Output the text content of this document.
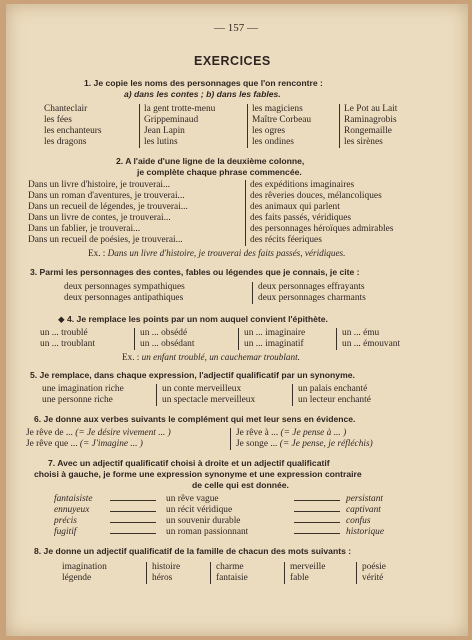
— 157 —
EXERCICES
1. Je copie les noms des personnages que l'on rencontre :
a) dans les contes ; b) dans les fables.
Chanteclair
les fées
les enchanteurs
les dragons
la gent trotte-menu
Grippeminaud
Jean Lapin
les lutins
les magiciens
Maître Corbeau
les ogres
les ondines
Le Pot au Lait
Raminagrobis
Rongemaille
les sirènes
2. A l'aide d'une ligne de la deuxième colonne,
je complète chaque phrase commencée.
Dans un livre d'histoire, je trouverai...
Dans un roman d'aventures, je trouverai...
Dans un recueil de légendes, je trouverai...
Dans un livre de contes, je trouverai...
Dans un fablier, je trouverai...
Dans un recueil de poésies, je trouverai...
des expéditions imaginaires
des rêveries douces, mélancoliques
des animaux qui parlent
des faits passés, véridiques
des personnages héroïques admirables
des récits féeriques
Ex. : Dans un livre d'histoire, je trouverai des faits passés, véridiques.
3. Parmi les personnages des contes, fables ou légendes que je connais, je cite :
deux personnages sympathiques
deux personnages antipathiques
deux personnages effrayants
deux personnages charmants
◆ 4. Je remplace les points par un nom auquel convient l'épithète.
un ... troublé
un ... troublant
un ... obsédé
un ... obsédant
un ... imaginaire
un ... imaginatif
un ... ému
un ... émouvant
Ex. : un enfant troublé, un cauchemar troublant.
5. Je remplace, dans chaque expression, l'adjectif qualificatif par un synonyme.
une imagination riche
une personne riche
un conte merveilleux
un spectacle merveilleux
un palais enchanté
un lecteur enchanté
6. Je donne aux verbes suivants le complément qui met leur sens en évidence.
Je rêve de ... (= Je désire vivement ... )
Je rêve que ... (= J'imagine ... )
Je rêve à ... (= Je pense à ... )
Je songe ... (= Je pense, je réfléchis)
7. Avec un adjectif qualificatif choisi à droite et un adjectif qualificatif
choisi à gauche, je forme une expression synonyme et une expression contraire
de celle qui est donnée.
fantaisiste
ennuyeux
précis
fugitif
un rêve vague
un récit véridique
un souvenir durable
un roman passionnant
persistant
captivant
confus
historique
8. Je donne un adjectif qualificatif de la famille de chacun des mots suivants :
imagination
légende
histoire
héros
charme
fantaisie
merveille
fable
poésie
vérité
